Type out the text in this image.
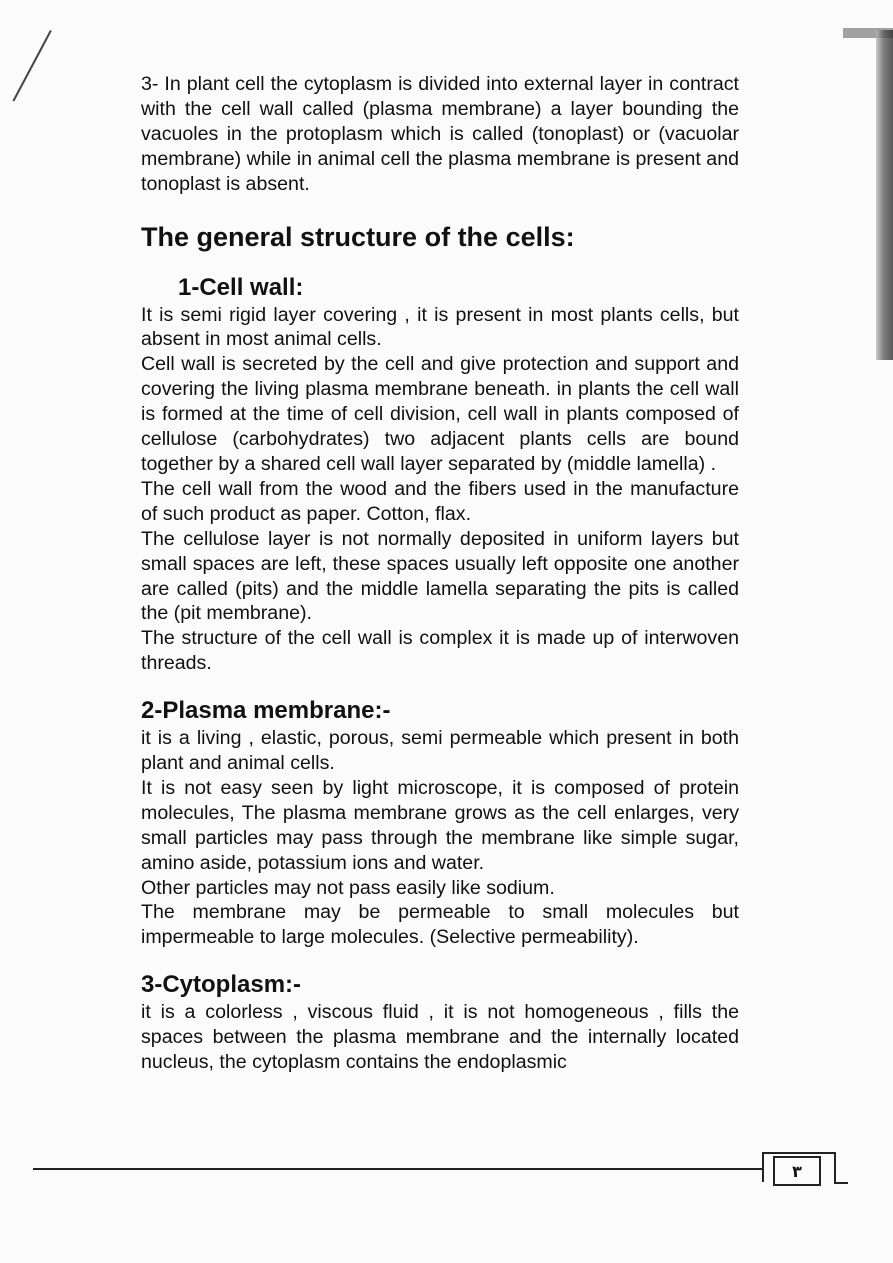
3- In plant cell the cytoplasm is divided into external layer in contract with the cell wall called (plasma membrane) a layer bounding the vacuoles in the protoplasm which is called (tonoplast) or (vacuolar membrane) while in animal cell the plasma membrane is present and tonoplast is absent.

The general structure of the cells:
1-Cell wall:

It is semi rigid layer covering , it is present in most plants cells, but absent in most animal cells.

Cell wall is secreted by the cell and give protection and support and covering the living plasma membrane beneath. in plants the cell wall is formed at the time of cell division, cell wall in plants composed of cellulose (carbohydrates) two adjacent plants cells are bound together by a shared cell wall layer separated by (middle lamella) .

The cell wall from the wood and the fibers used in the manufacture of such product as paper. Cotton, flax.

The cellulose layer is not normally deposited in uniform layers but small spaces are left, these spaces usually left opposite one another are called (pits) and the middle lamella separating the pits is called the (pit membrane).

The structure of the cell wall is complex it is made up of interwoven threads.

2-Plasma membrane:-

it is a living , elastic, porous, semi permeable which present in both plant and animal cells.

It is not easy seen by light microscope, it is composed of protein molecules, The plasma membrane grows as the cell enlarges, very small particles may pass through the membrane like simple sugar, amino aside, potassium ions and water.

Other particles may not pass easily like sodium.

The membrane may be permeable to small molecules but impermeable to large molecules. (Selective permeability).

3-Cytoplasm:-

it is a colorless , viscous fluid , it is not homogeneous , fills the spaces between the plasma membrane and the internally located nucleus, the cytoplasm contains the endoplasmic

٣
